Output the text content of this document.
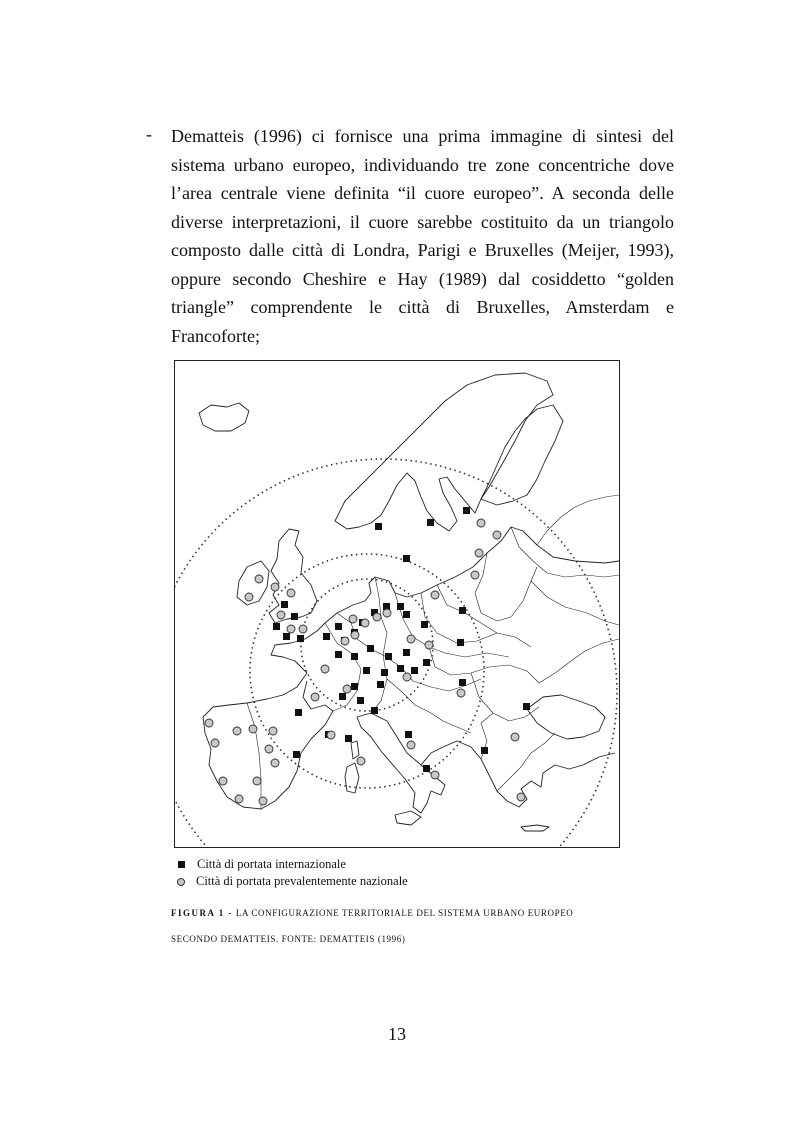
- Dematteis (1996) ci fornisce una prima immagine di sintesi del sistema urbano europeo, individuando tre zone concentriche dove l’area centrale viene definita “il cuore europeo”. A seconda delle diverse interpretazioni, il cuore sarebbe costituito da un triangolo composto dalle città di Londra, Parigi e Bruxelles (Meijer, 1993), oppure secondo Cheshire e Hay (1989) dal cosiddetto “golden triangle” comprendente le città di Bruxelles, Amsterdam e Francoforte;

Città di portata internazionale
Città di portata prevalentemente nazionale
FIGURA 1 - LA CONFIGURAZIONE TERRITORIALE DEL SISTEMA URBANO EUROPEO
SECONDO DEMATTEIS. FONTE: DEMATTEIS (1996)
13
